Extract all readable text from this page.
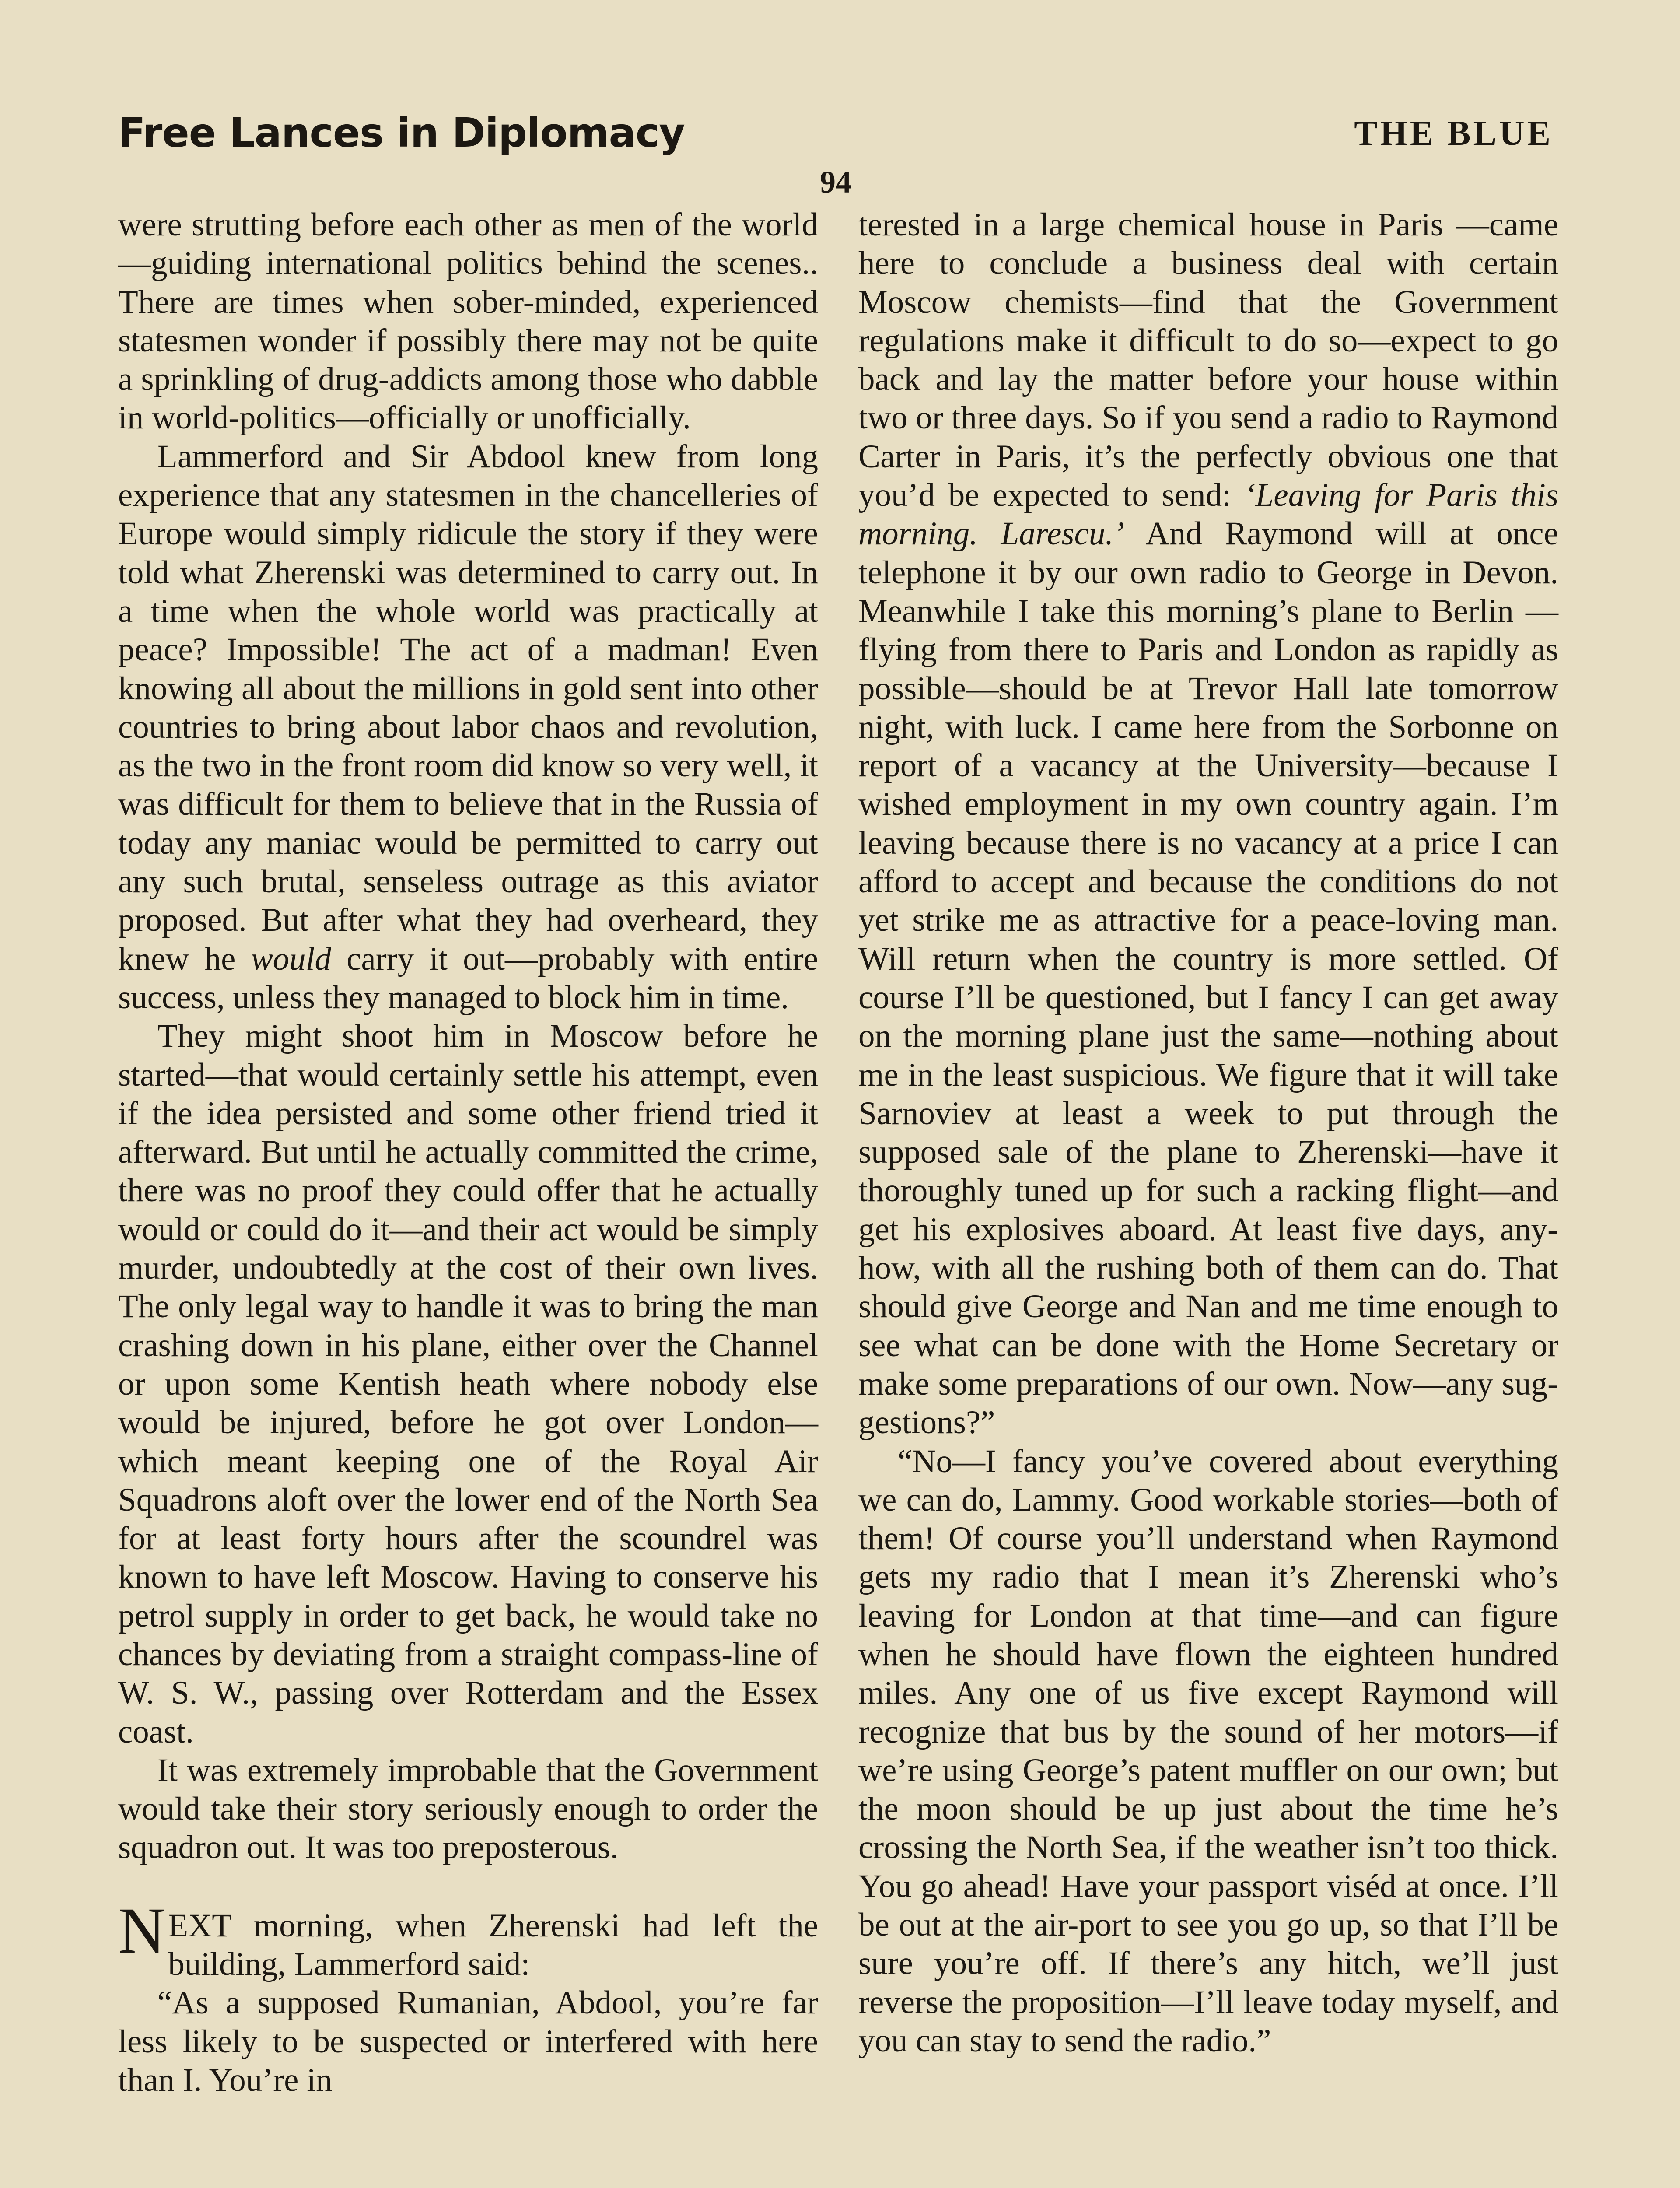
Free Lances in Diplomacy	THE BLUE
94

were strutting before each other as men of the world—guiding international politics behind the scenes.. There are times when sober-minded, experienced statesmen wonder if possibly there may not be quite a sprinkling of drug-addicts among those who dabble in world-politics—officially or unofficially.

Lammerford and Sir Abdool knew from long experience that any statesmen in the chancelleries of Europe would simply ridicule the story if they were told what Zherenski was determined to carry out. In a time when the whole world was practically at peace? Impossible! The act of a madman! Even knowing all about the millions in gold sent into other countries to bring about labor chaos and revolution, as the two in the front room did know so very well, it was difficult for them to believe that in the Russia of today any maniac would be permitted to carry out any such brutal, senseless outrage as this aviator proposed. But after what they had overheard, they knew he would carry it out—probably with entire success, unless they managed to block him in time.

They might shoot him in Moscow before he started—that would certainly settle his attempt, even if the idea persisted and some other friend tried it afterward. But until he actually committed the crime, there was no proof they could offer that he actually would or could do it—and their act would be simply murder, undoubtedly at the cost of their own lives. The only legal way to handle it was to bring the man crashing down in his plane, either over the Channel or upon some Kentish heath where nobody else would be injured, before he got over London—which meant keeping one of the Royal Air Squadrons aloft over the lower end of the North Sea for at least forty hours after the scoundrel was known to have left Moscow. Having to conserve his petrol supply in order to get back, he would take no chances by deviating from a straight compass-line of W. S. W., passing over Rotterdam and the Essex coast.

It was extremely improbable that the Government would take their story seriously enough to order the squadron out. It was too preposterous.

NEXT morning, when Zherenski had left the building, Lammerford said:

“As a supposed Rumanian, Abdool, you’re far less likely to be suspected or interfered with here than I. You’re in

terested in a large chemical house in Paris —came here to conclude a business deal with certain Moscow chemists—find that the Government regulations make it difficult to do so—expect to go back and lay the matter before your house within two or three days. So if you send a radio to Raymond Carter in Paris, it’s the perfectly obvious one that you’d be expected to send: ‘Leaving for Paris this morning. Larescu.’ And Raymond will at once telephone it by our own radio to George in Devon. Meanwhile I take this morning’s plane to Berlin —flying from there to Paris and London as rapidly as possible—should be at Trevor Hall late tomorrow night, with luck. I came here from the Sorbonne on report of a vacancy at the University—because I wished employment in my own country again. I’m leaving because there is no vacancy at a price I can afford to accept and because the conditions do not yet strike me as attractive for a peace-loving man. Will return when the country is more settled. Of course I’ll be questioned, but I fancy I can get away on the morning plane just the same—nothing about me in the least suspicious. We figure that it will take Sarnoviev at least a week to put through the supposed sale of the plane to Zherenski—have it thoroughly tuned up for such a racking flight—and get his explosives aboard. At least five days, anyhow, with all the rushing both of them can do. That should give George and Nan and me time enough to see what can be done with the Home Secretary or make some preparations of our own. Now—any suggestions?”

“No—I fancy you’ve covered about everything we can do, Lammy. Good workable stories—both of them! Of course you’ll understand when Raymond gets my radio that I mean it’s Zherenski who’s leaving for London at that time—and can figure when he should have flown the eighteen hundred miles. Any one of us five except Raymond will recognize that bus by the sound of her motors—if we’re using George’s patent muffler on our own; but the moon should be up just about the time he’s crossing the North Sea, if the weather isn’t too thick. You go ahead! Have your passport viséd at once. I’ll be out at the air-port to see you go up, so that I’ll be sure you’re off. If there’s any hitch, we’ll just reverse the proposition—I’ll leave today myself, and you can stay to send the radio.”
